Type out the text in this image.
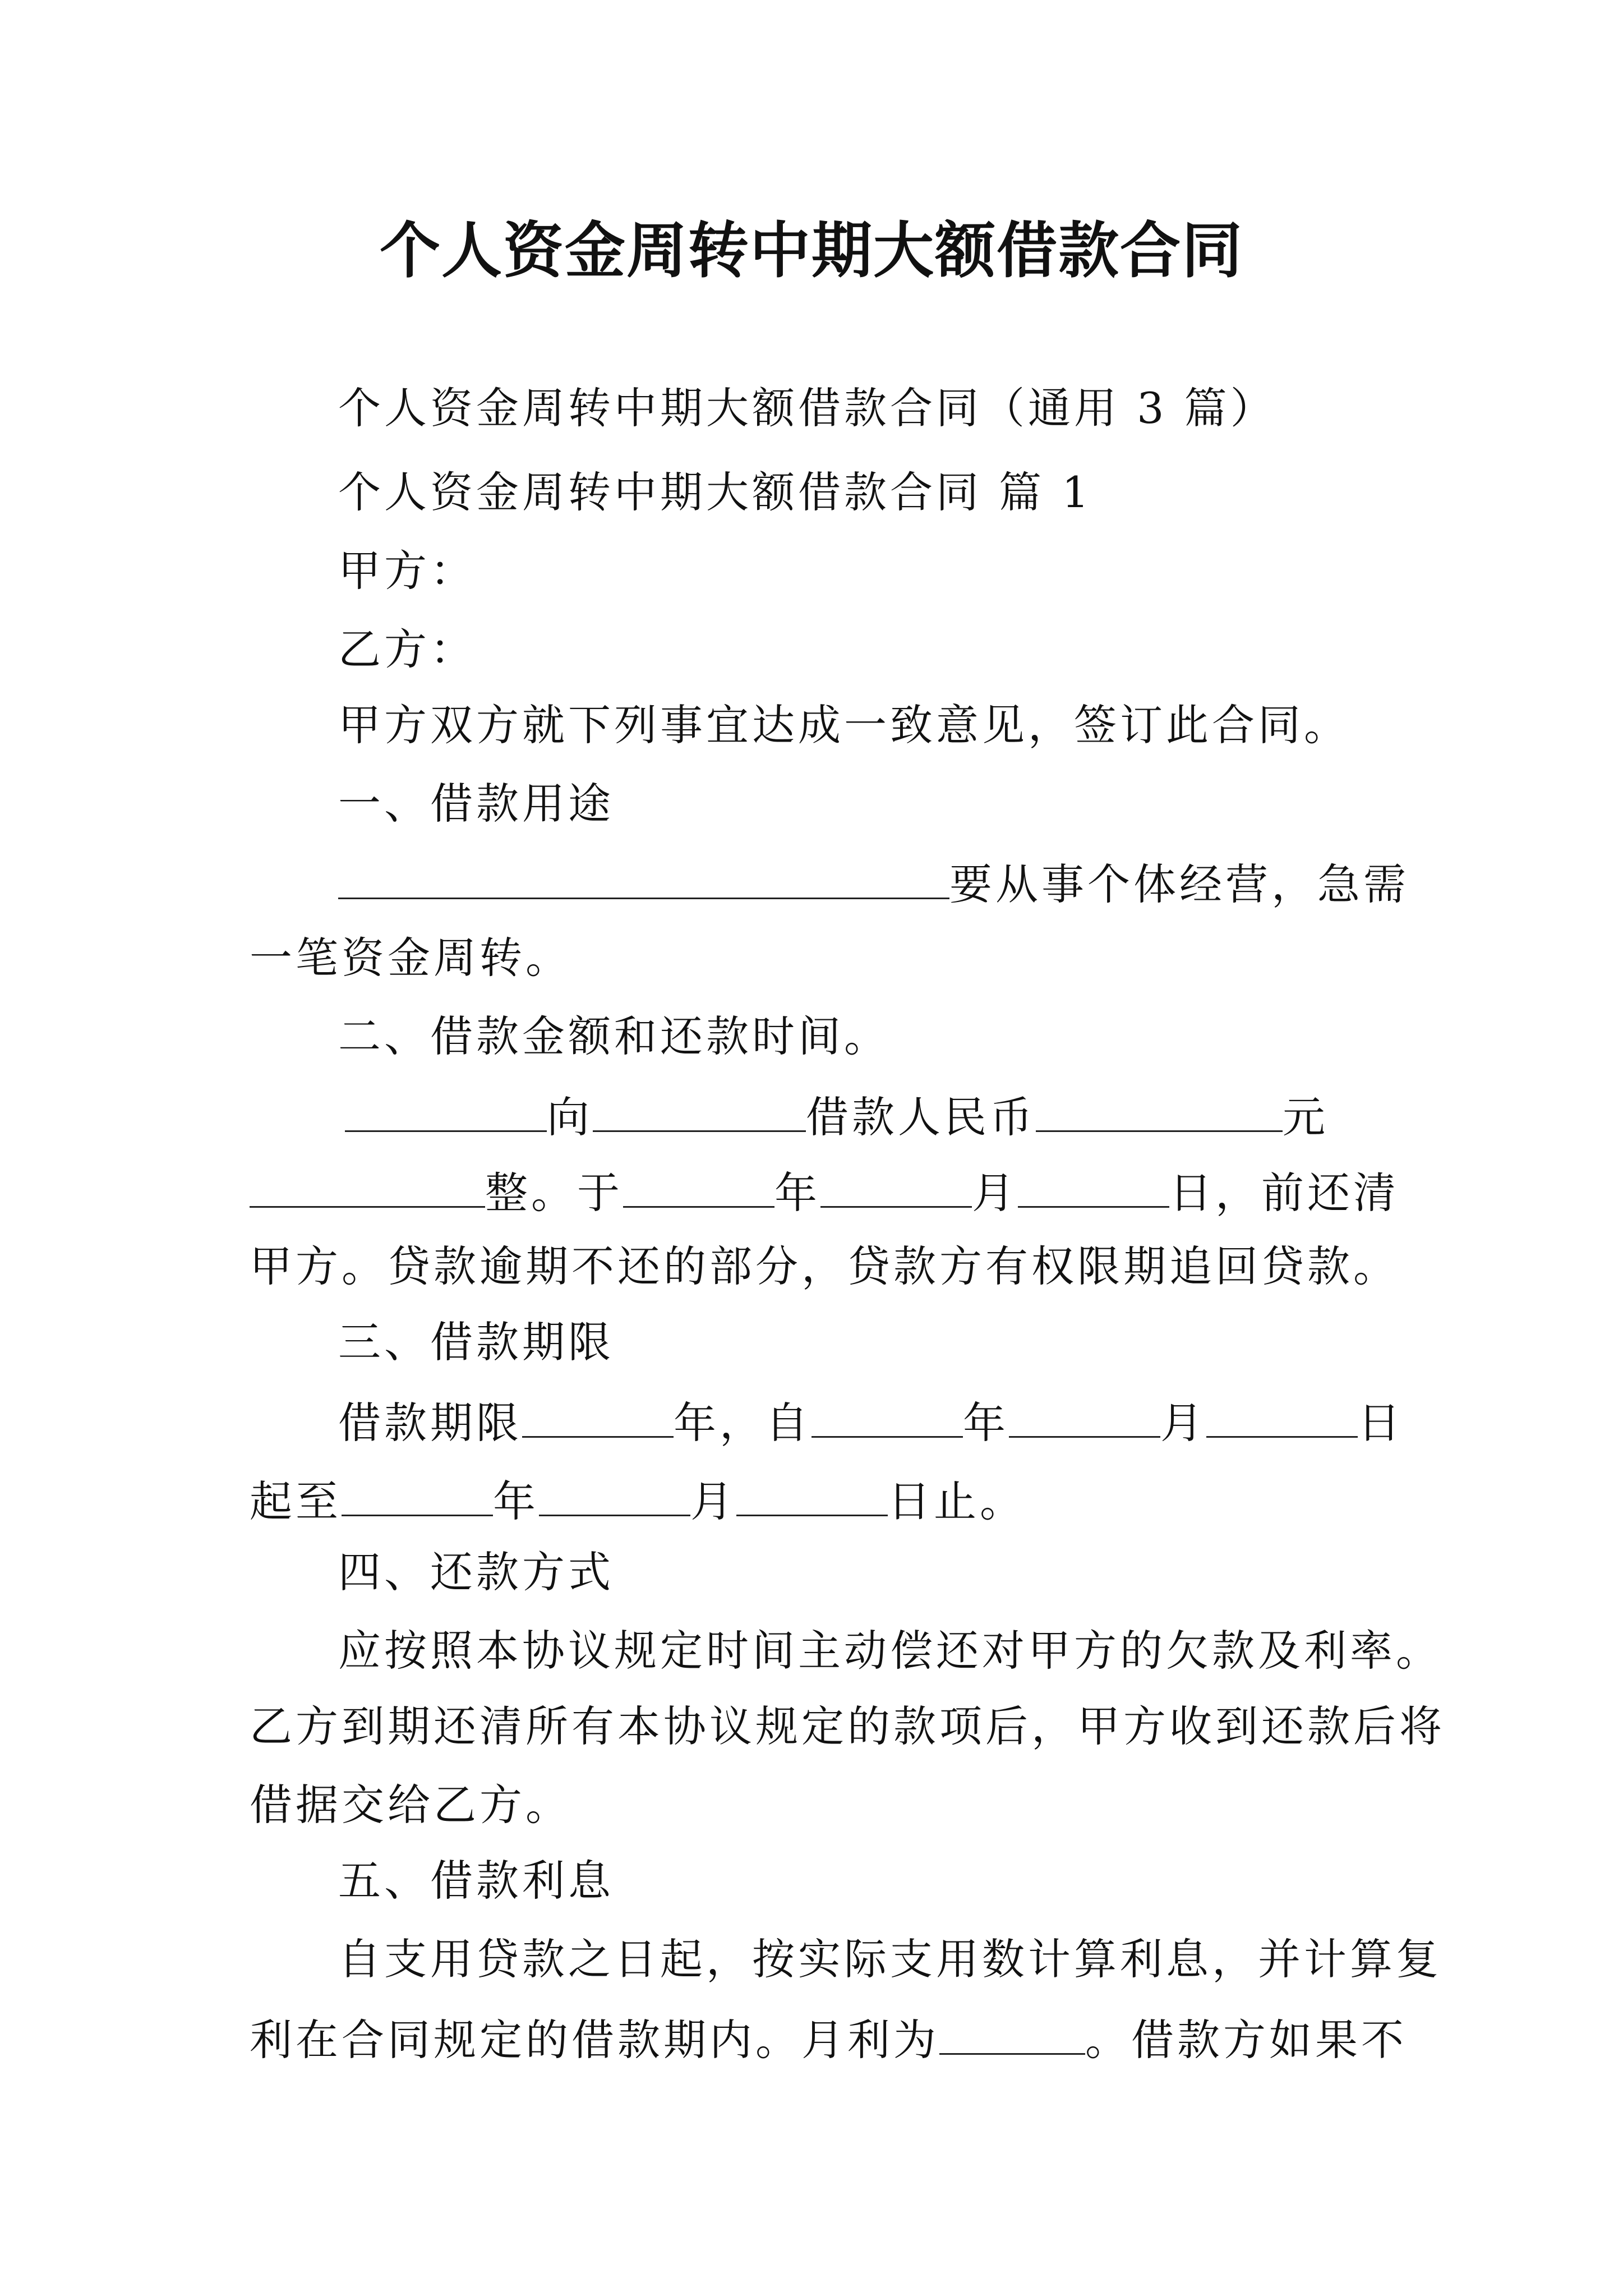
个人资金周转中期大额借款合同
个人资金周转中期大额借款合同（通用 3 篇）
个人资金周转中期大额借款合同 篇 1
甲方：
乙方：
甲方双方就下列事宜达成一致意见，签订此合同。
一、借款用途
要从事个体经营，急需
一笔资金周转。
二、借款金额和还款时间。
向	借款人民币	元
整。于	年	月	日，前还清
甲方。贷款逾期不还的部分，贷款方有权限期追回贷款。
三、借款期限
借款期限	年，自	年	月	日
起至	年	月	日止。
四、还款方式
应按照本协议规定时间主动偿还对甲方的欠款及利率。
乙方到期还清所有本协议规定的款项后，甲方收到还款后将
借据交给乙方。
五、借款利息
自支用贷款之日起，按实际支用数计算利息，并计算复
利在合同规定的借款期内。月利为	。借款方如果不
